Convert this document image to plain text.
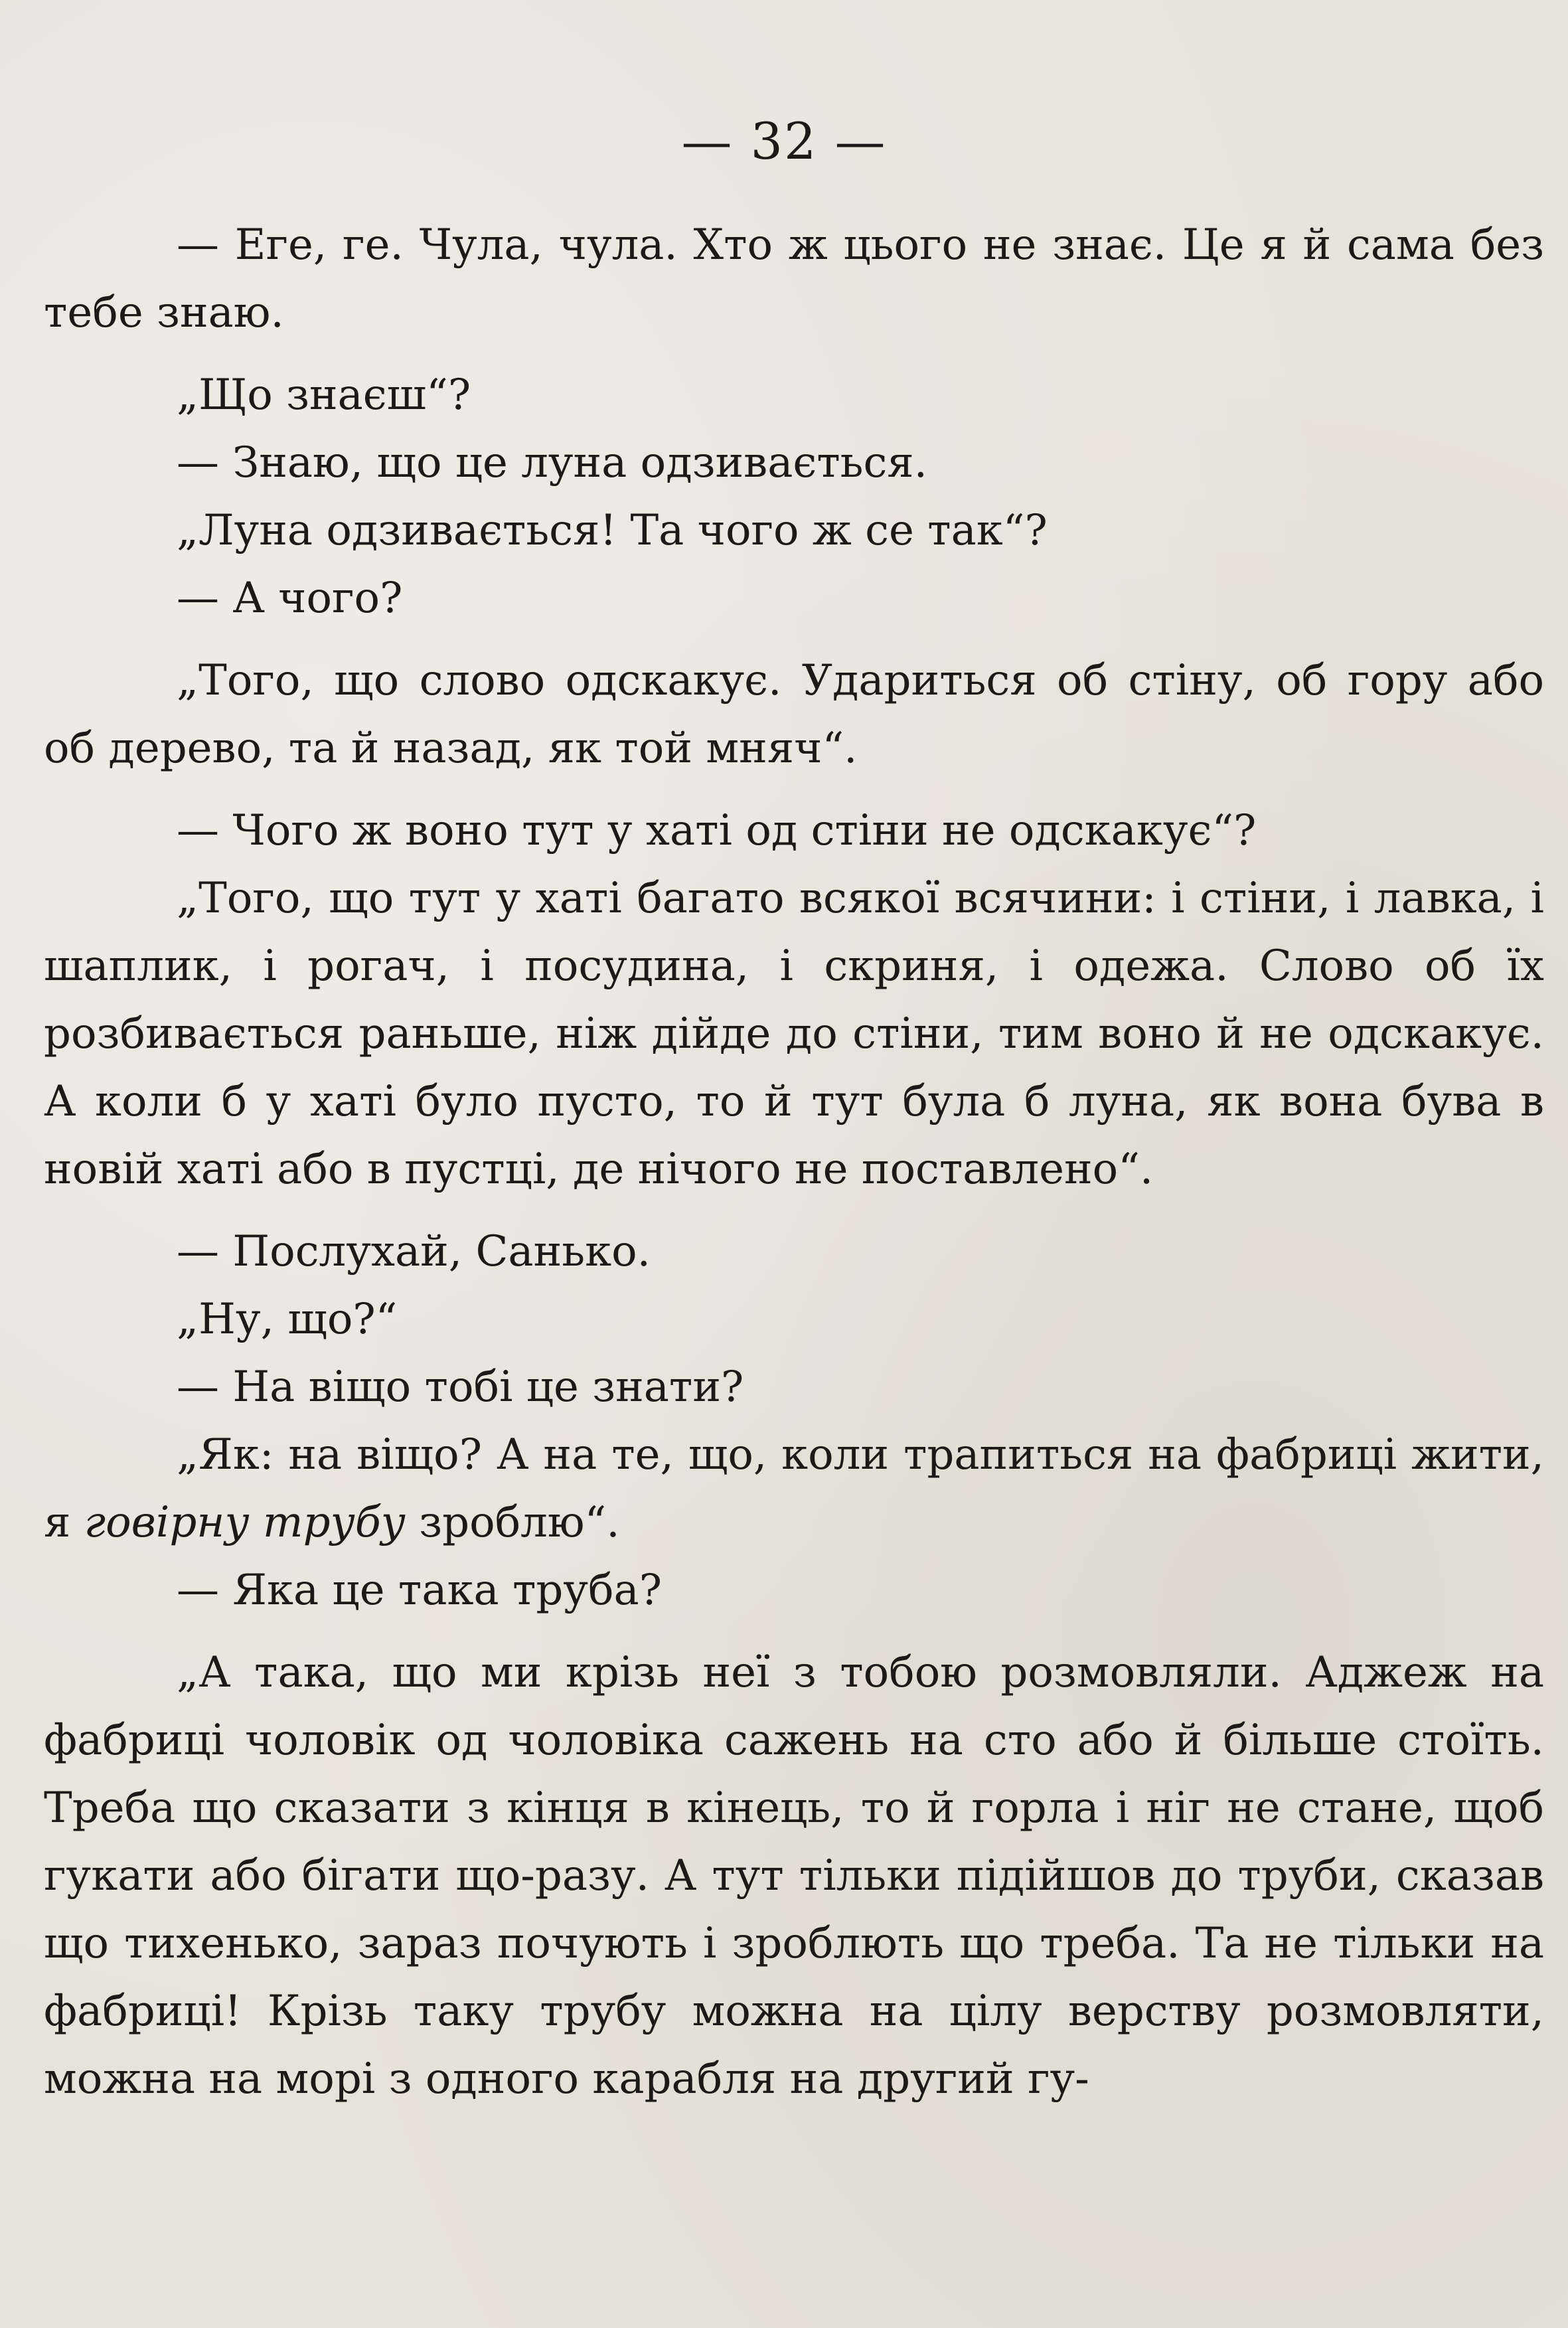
— 32 —

— Еге, ге. Чула, чула. Хто ж цього не знає. Це я й сама без тебе знаю.

„Що знаєш“?

— Знаю, що це луна одзивається.

„Луна одзивається! Та чого ж се так“?

— А чого?

„Того, що слово одскакує. Удариться об стіну, об гору або об дерево, та й назад, як той мняч“.

— Чого ж воно тут у хаті од стіни не одскакує“?

„Того, що тут у хаті багато всякої всячини: і стіни, і лавка, і шаплик, і рогач, і посудина, і скриня, і одежа. Слово об їх розбивається раньше, ніж дійде до стіни, тим воно й не одскакує. А коли б у хаті було пусто, то й тут була б луна, як вона бува в новій хаті або в пустці, де нічого не поставлено“.

— Послухай, Санько.

„Ну, що?“

— На віщо тобі це знати?

„Як: на віщо? А на те, що, коли трапиться на фабриці жити, я говірну трубу зроблю“.

— Яка це така труба?

„А така, що ми крізь неї з тобою розмовляли. Аджеж на фабриці чоловік од чоловіка сажень на сто або й більше стоїть. Треба що сказати з кінця в кінець, то й горла і ніг не стане, щоб гукати або бігати що-разу. А тут тільки підійшов до труби, сказав що тихенько, зараз почують і зроблють що треба. Та не тільки на фабриці! Крізь таку трубу можна на цілу верству розмовляти, можна на морі з одного карабля на другий гу-
